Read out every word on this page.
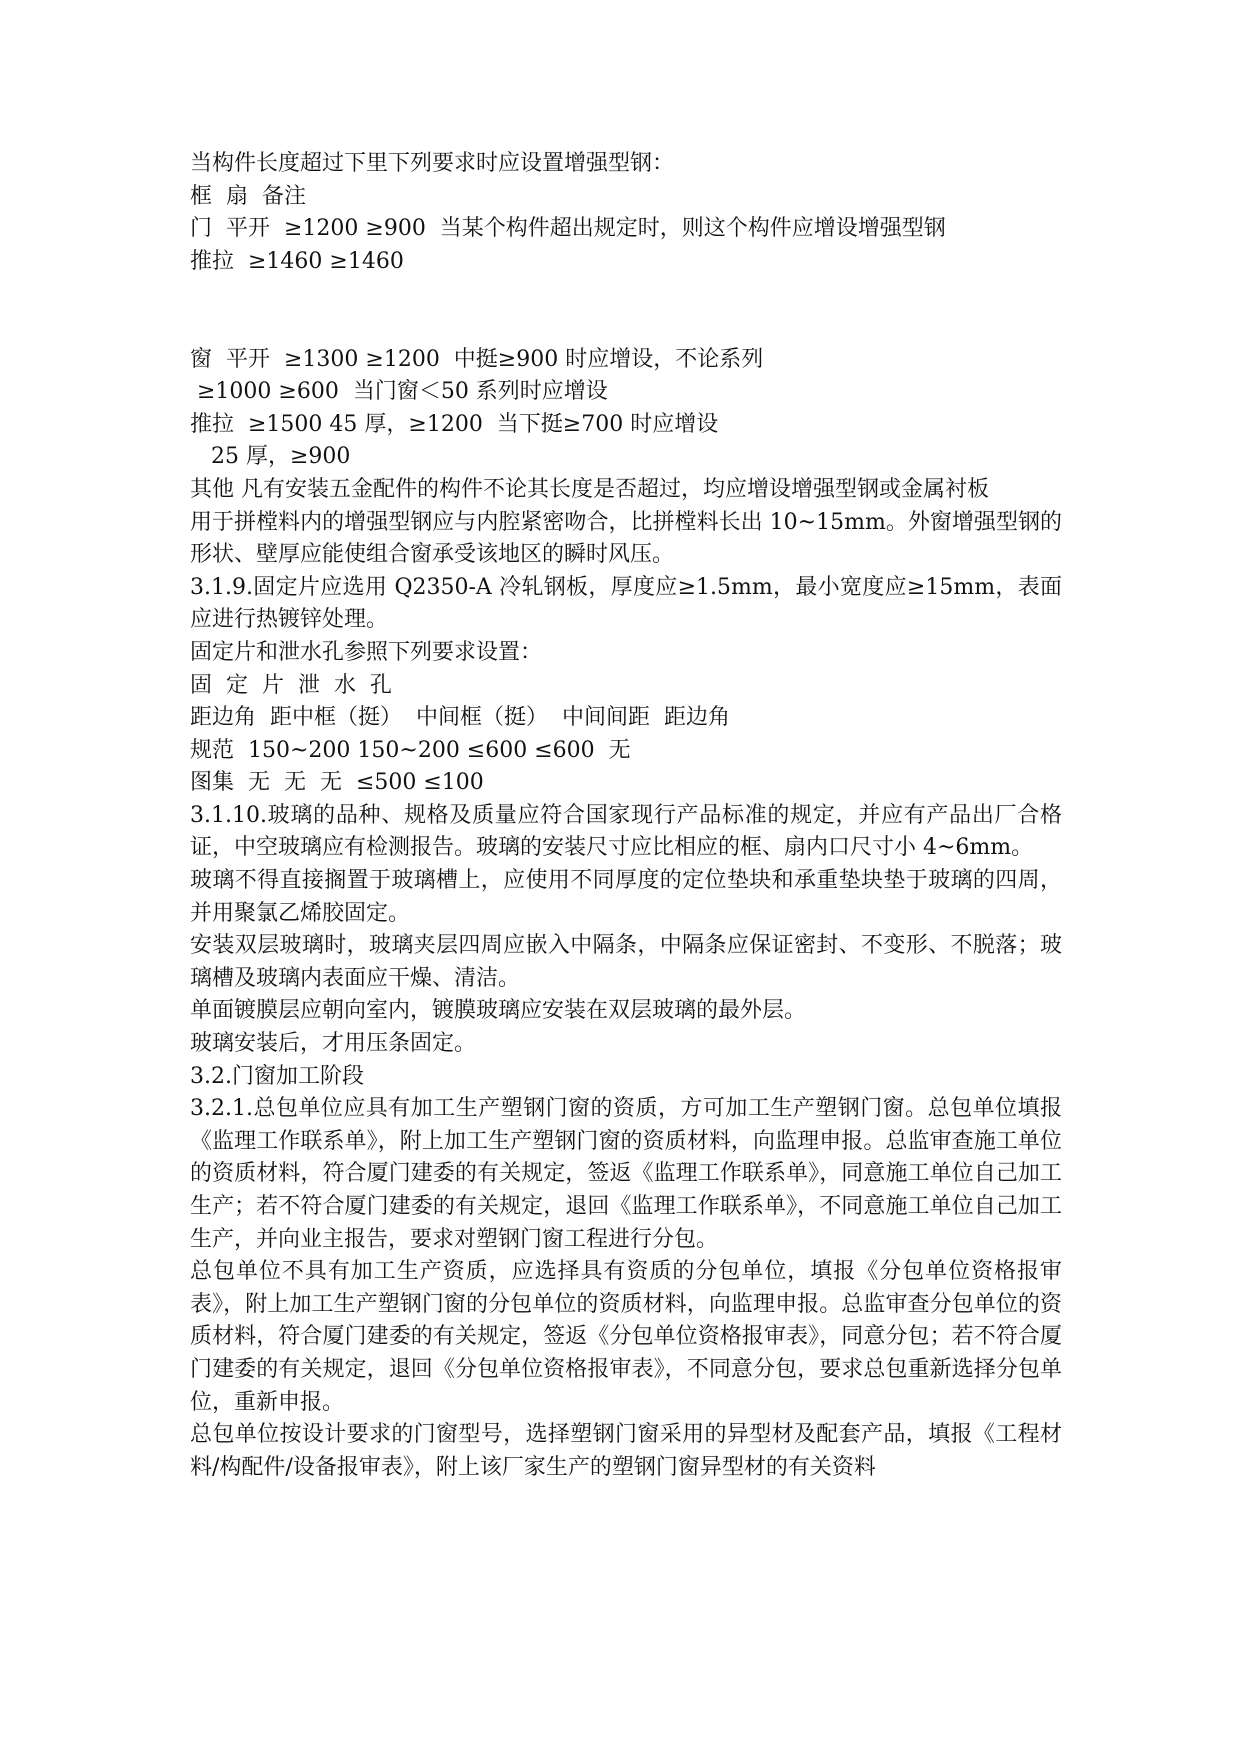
当构件长度超过下里下列要求时应设置增强型钢：
框  扇  备注
门  平开  ≥1200 ≥900  当某个构件超出规定时，则这个构件应增设增强型钢
推拉  ≥1460 ≥1460
窗  平开  ≥1300 ≥1200  中挺≥900 时应增设，不论系列
≥1000 ≥600  当门窗＜50 系列时应增设
推拉  ≥1500 45 厚，≥1200  当下挺≥700 时应增设
25 厚，≥900

其他 凡有安装五金配件的构件不论其长度是否超过，均应增设增强型钢或金属衬板

用于拼樘料内的增强型钢应与内腔紧密吻合，比拼樘料长出 10~15mm。外窗增强型钢的形状、壁厚应能使组合窗承受该地区的瞬时风压。

3.1.9.固定片应选用 Q2350-A 冷轧钢板，厚度应≥1.5mm，最小宽度应≥15mm，表面应进行热镀锌处理。

固定片和泄水孔参照下列要求设置：
固  定  片  泄  水  孔
距边角  距中框（挺）  中间框（挺）  中间间距  距边角
规范  150~200 150~200 ≤600 ≤600  无
图集  无  无  无  ≤500 ≤100

3.1.10.玻璃的品种、规格及质量应符合国家现行产品标准的规定，并应有产品出厂合格证，中空玻璃应有检测报告。玻璃的安装尺寸应比相应的框、扇内口尺寸小 4~6mm。

玻璃不得直接搁置于玻璃槽上，应使用不同厚度的定位垫块和承重垫块垫于玻璃的四周，并用聚氯乙烯胶固定。

安装双层玻璃时，玻璃夹层四周应嵌入中隔条，中隔条应保证密封、不变形、不脱落；玻璃槽及玻璃内表面应干燥、清洁。

单面镀膜层应朝向室内，镀膜玻璃应安装在双层玻璃的最外层。

玻璃安装后，才用压条固定。

3.2.门窗加工阶段

3.2.1.总包单位应具有加工生产塑钢门窗的资质，方可加工生产塑钢门窗。总包单位填报《监理工作联系单》，附上加工生产塑钢门窗的资质材料，向监理申报。总监审查施工单位的资质材料，符合厦门建委的有关规定，签返《监理工作联系单》，同意施工单位自己加工生产；若不符合厦门建委的有关规定，退回《监理工作联系单》，不同意施工单位自己加工生产，并向业主报告，要求对塑钢门窗工程进行分包。

总包单位不具有加工生产资质，应选择具有资质的分包单位，填报《分包单位资格报审表》，附上加工生产塑钢门窗的分包单位的资质材料，向监理申报。总监审查分包单位的资质材料，符合厦门建委的有关规定，签返《分包单位资格报审表》，同意分包；若不符合厦门建委的有关规定，退回《分包单位资格报审表》，不同意分包，要求总包重新选择分包单位，重新申报。

总包单位按设计要求的门窗型号，选择塑钢门窗采用的异型材及配套产品，填报《工程材料/构配件/设备报审表》，附上该厂家生产的塑钢门窗异型材的有关资料
